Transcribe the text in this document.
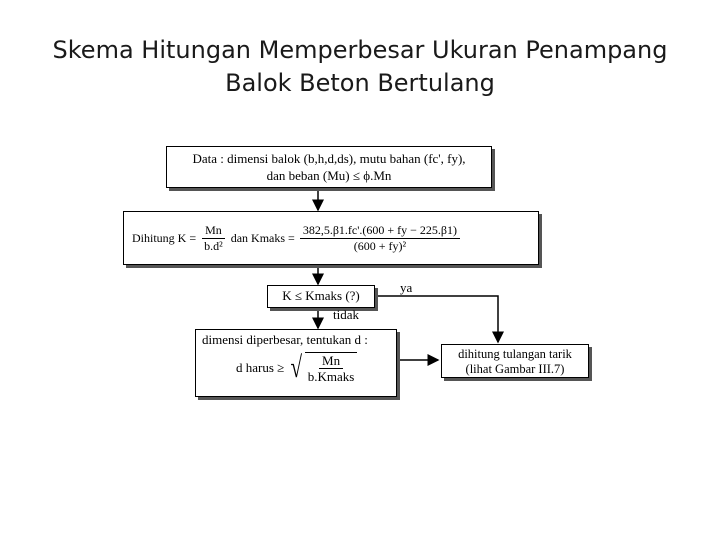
Skema Hitungan Memperbesar Ukuran Penampang
Balok Beton Bertulang
Data : dimensi balok (b,h,d,ds), mutu bahan (fc', fy),
dan beban (Mu) ≤ ϕ.Mn
Dihitung $K = \frac{Mn}{\text{b.d²}}$ dan Kmaks = $\frac{382,5.\beta 1.fc'.(600 + fy - 225.\beta 1)}{\text{(600 + fy)²}}$
K ≤ Kmaks (?)
ya
tidak
dimensi diperbesar, tentukan d :
d harus ≥ √ $\frac{Mn}{\text{b.Kmaks}}$	dihitung tulangan tarik
(lihat Gambar III.7)
